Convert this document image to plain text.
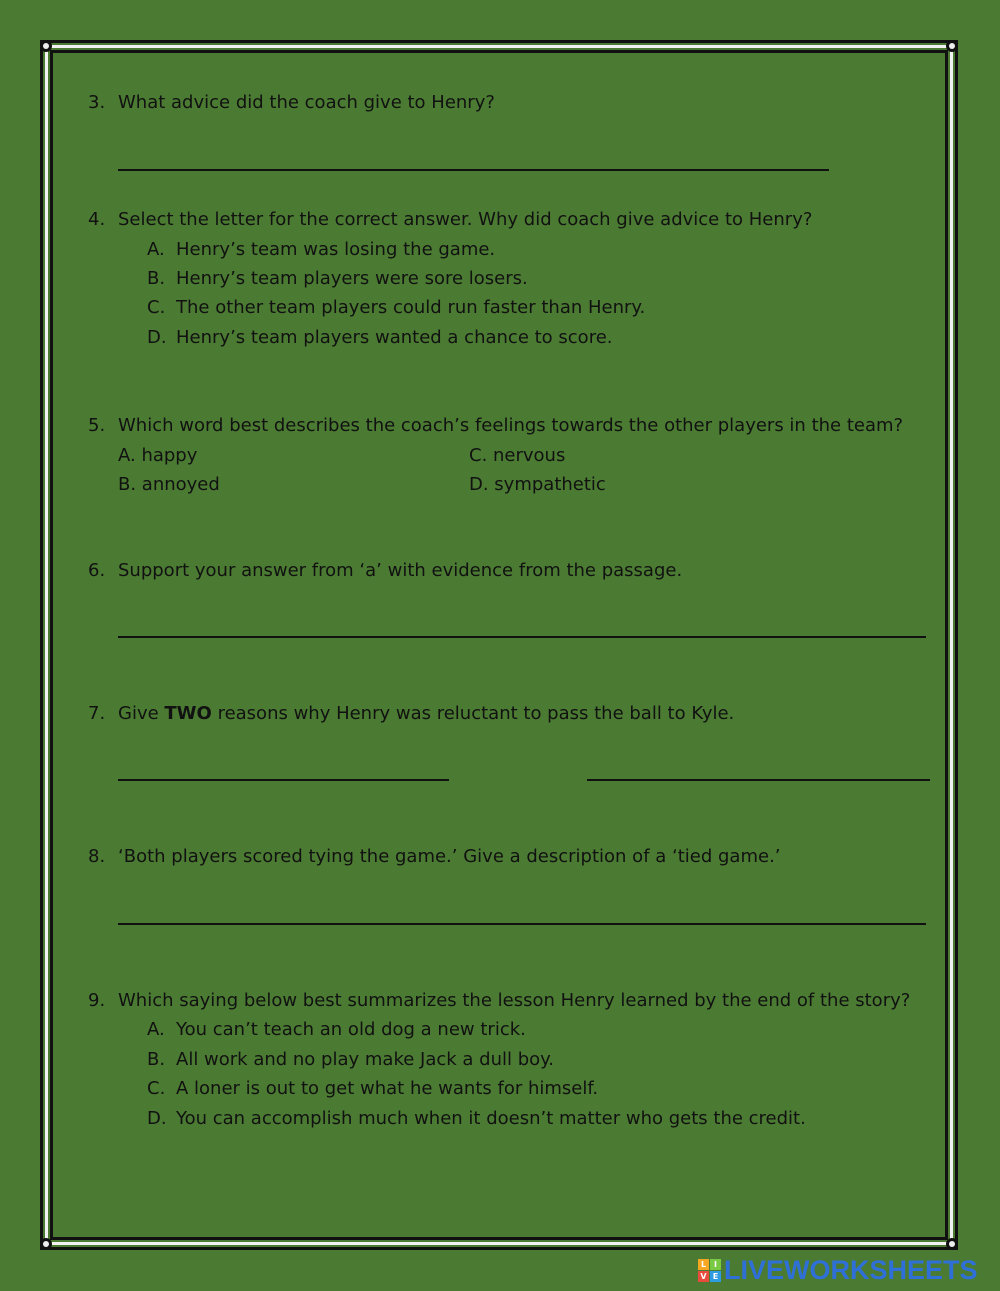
3. What advice did the coach give to Henry?
4. Select the letter for the correct answer. Why did coach give advice to Henry?
A. Henry’s team was losing the game.
B. Henry’s team players were sore losers.
C. The other team players could run faster than Henry.
D. Henry’s team players wanted a chance to score.
5. Which word best describes the coach’s feelings towards the other players in the team?
A. happy	C. nervous
B. annoyed	D. sympathetic
6. Support your answer from ‘a’ with evidence from the passage.
7. Give TWO reasons why Henry was reluctant to pass the ball to Kyle.
8. ‘Both players scored tying the game.’ Give a description of a ‘tied game.’
9. Which saying below best summarizes the lesson Henry learned by the end of the story?
A. You can’t teach an old dog a new trick.
B. All work and no play make Jack a dull boy.
C. A loner is out to get what he wants for himself.
D. You can accomplish much when it doesn’t matter who gets the credit.
L I
V E LIVEWORKSHEETS
